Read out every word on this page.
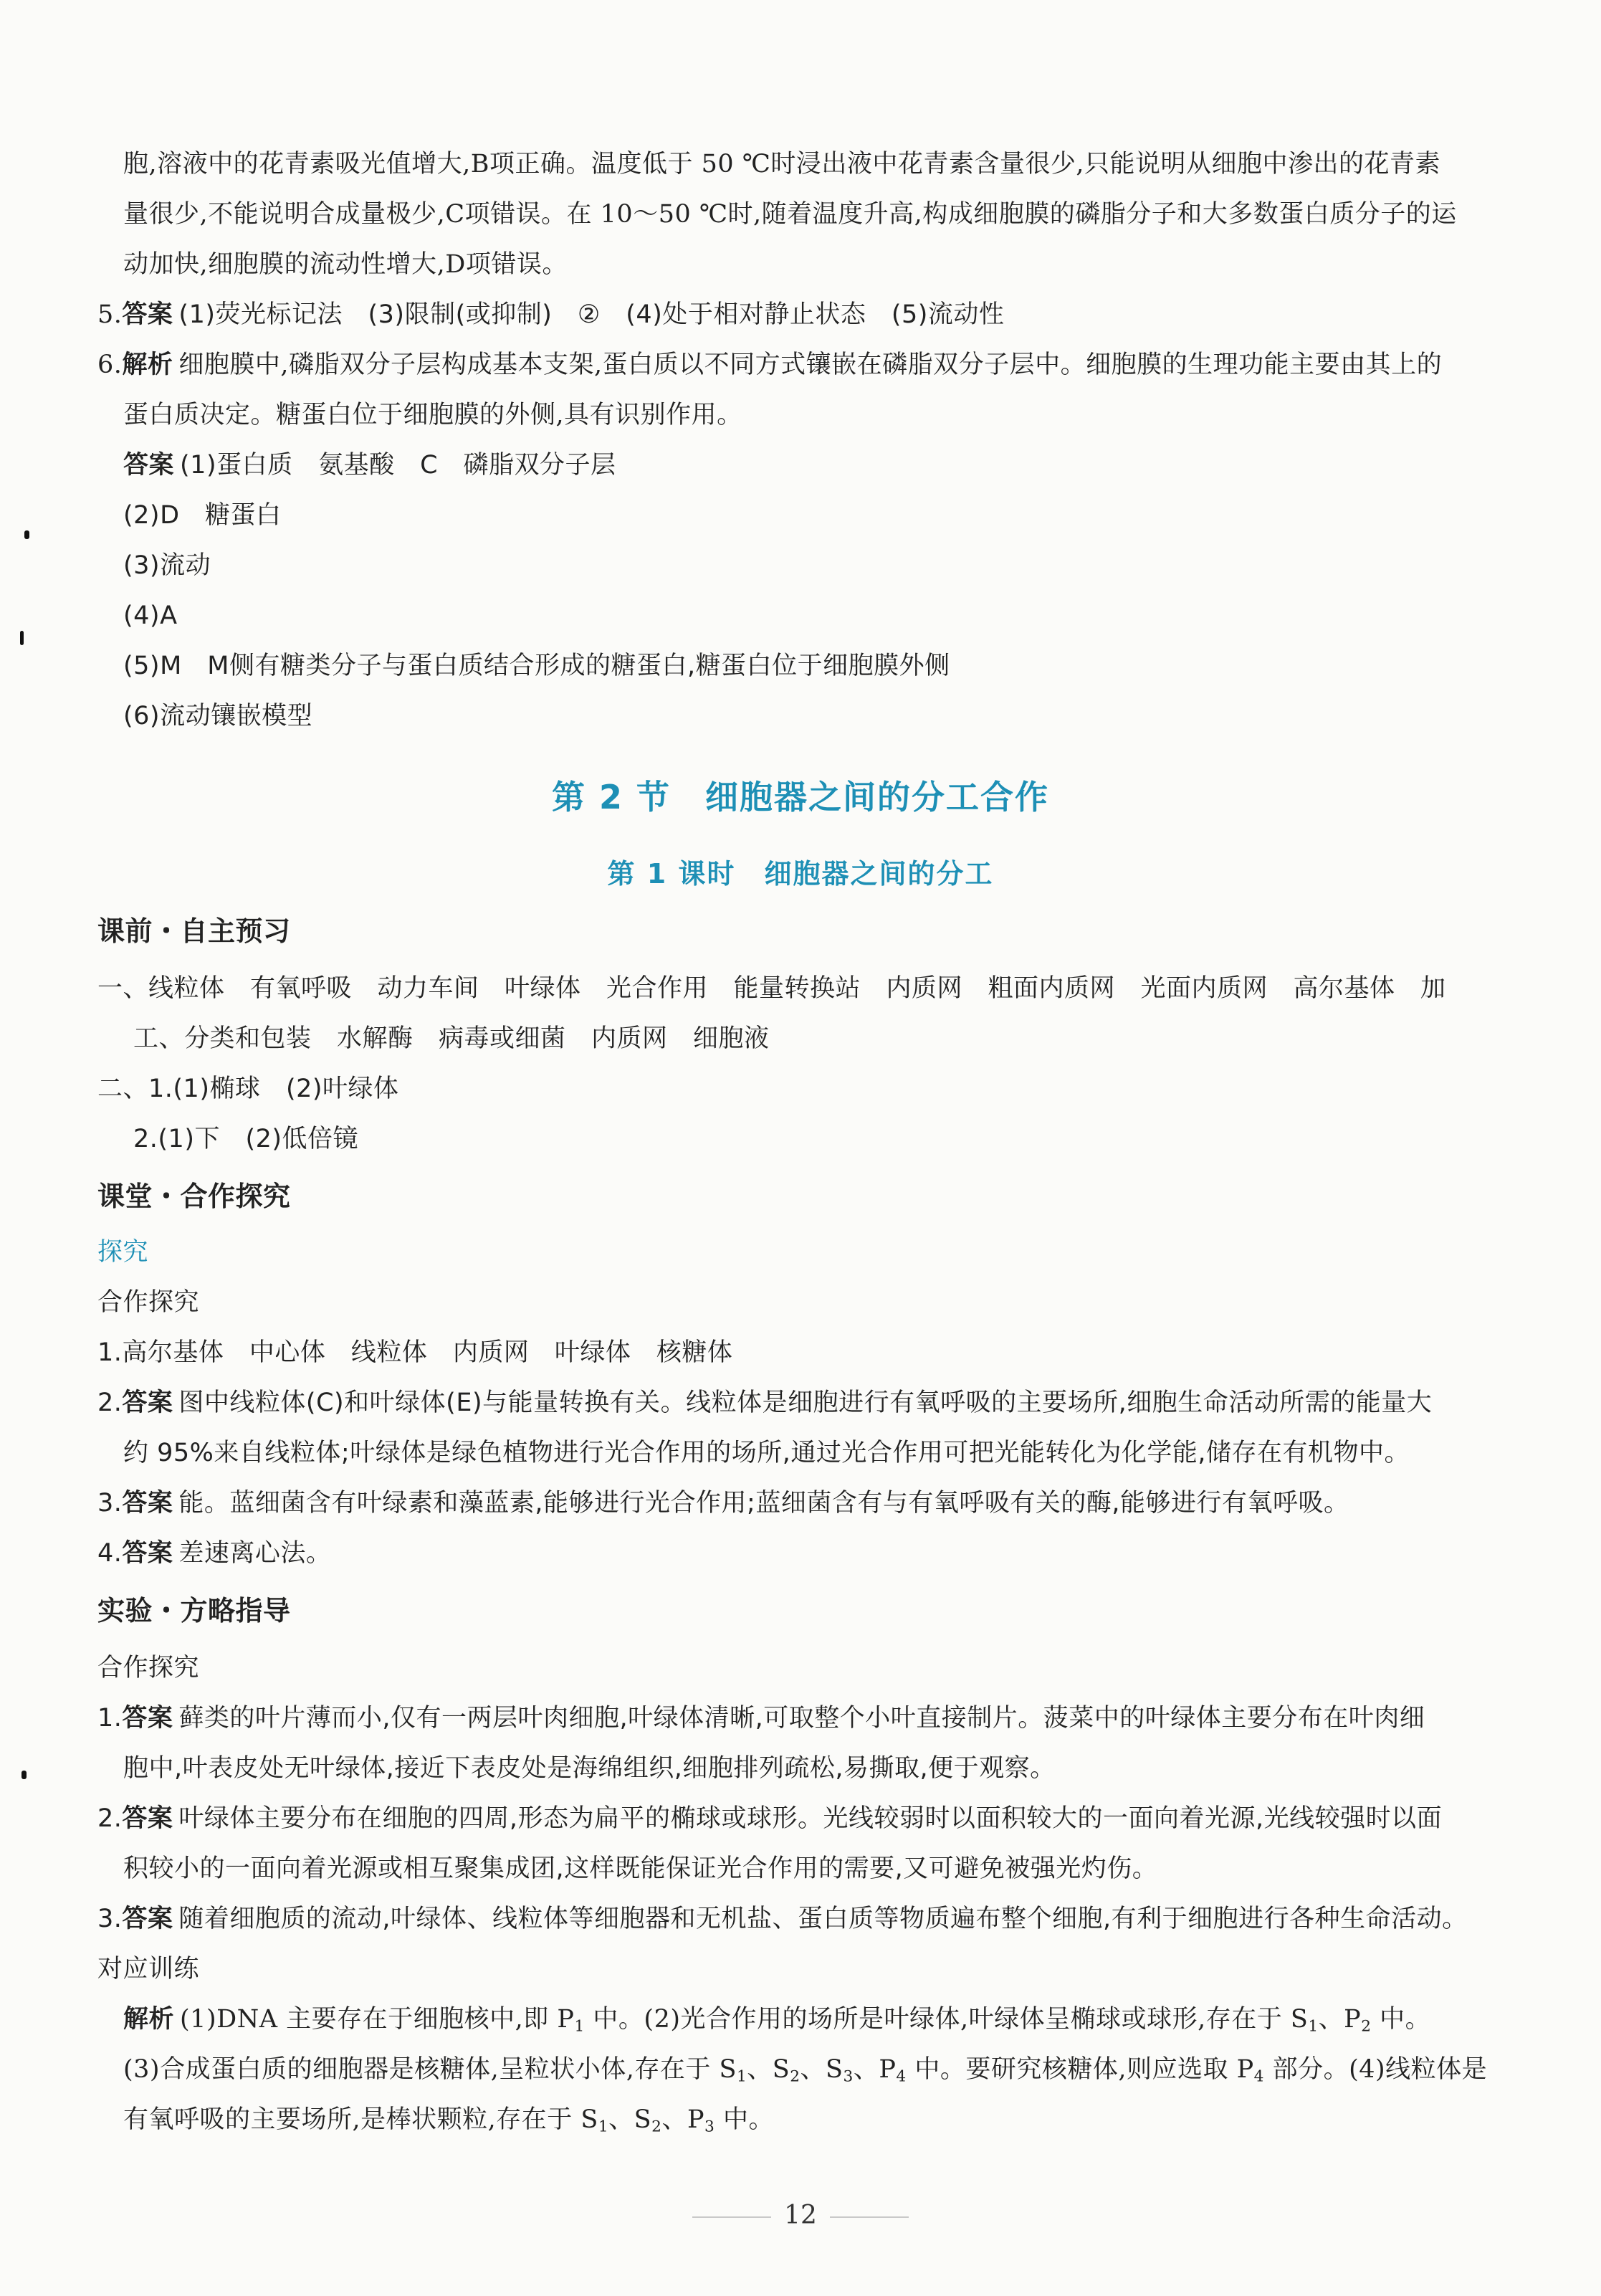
胞,溶液中的花青素吸光值增大,B项正确。温度低于 50 ℃时浸出液中花青素含量很少,只能说明从细胞中渗出的花青素
量很少,不能说明合成量极少,C项错误。在 10～50 ℃时,随着温度升高,构成细胞膜的磷脂分子和大多数蛋白质分子的运
动加快,细胞膜的流动性增大,D项错误。
5.答案 (1)荧光标记法　(3)限制(或抑制)　②　(4)处于相对静止状态　(5)流动性
6.解析 细胞膜中,磷脂双分子层构成基本支架,蛋白质以不同方式镶嵌在磷脂双分子层中。细胞膜的生理功能主要由其上的
蛋白质决定。糖蛋白位于细胞膜的外侧,具有识别作用。
答案 (1)蛋白质　氨基酸　C　磷脂双分子层
(2)D　糖蛋白
(3)流动
(4)A
(5)M　M侧有糖类分子与蛋白质结合形成的糖蛋白,糖蛋白位于细胞膜外侧
(6)流动镶嵌模型
第 2 节　细胞器之间的分工合作
第 1 课时　细胞器之间的分工
课前・自主预习
一、线粒体　有氧呼吸　动力车间　叶绿体　光合作用　能量转换站　内质网　粗面内质网　光面内质网　高尔基体　加
工、分类和包装　水解酶　病毒或细菌　内质网　细胞液
二、1.(1)椭球　(2)叶绿体
2.(1)下　(2)低倍镜
课堂・合作探究
探究
合作探究
1.高尔基体　中心体　线粒体　内质网　叶绿体　核糖体
2.答案 图中线粒体(C)和叶绿体(E)与能量转换有关。线粒体是细胞进行有氧呼吸的主要场所,细胞生命活动所需的能量大
约 95%来自线粒体;叶绿体是绿色植物进行光合作用的场所,通过光合作用可把光能转化为化学能,储存在有机物中。
3.答案 能。蓝细菌含有叶绿素和藻蓝素,能够进行光合作用;蓝细菌含有与有氧呼吸有关的酶,能够进行有氧呼吸。
4.答案 差速离心法。
实验・方略指导
合作探究
1.答案 藓类的叶片薄而小,仅有一两层叶肉细胞,叶绿体清晰,可取整个小叶直接制片。菠菜中的叶绿体主要分布在叶肉细
胞中,叶表皮处无叶绿体,接近下表皮处是海绵组织,细胞排列疏松,易撕取,便于观察。
2.答案 叶绿体主要分布在细胞的四周,形态为扁平的椭球或球形。光线较弱时以面积较大的一面向着光源,光线较强时以面
积较小的一面向着光源或相互聚集成团,这样既能保证光合作用的需要,又可避免被强光灼伤。
3.答案 随着细胞质的流动,叶绿体、线粒体等细胞器和无机盐、蛋白质等物质遍布整个细胞,有利于细胞进行各种生命活动。
对应训练
解析 (1)DNA 主要存在于细胞核中,即 $P_1$ 中。(2)光合作用的场所是叶绿体,叶绿体呈椭球或球形,存在于 $S_1$、$P_2$ 中。
(3)合成蛋白质的细胞器是核糖体,呈粒状小体,存在于 $S_1$、$S_2$、$S_3$、$P_4$ 中。要研究核糖体,则应选取 $P_4$ 部分。(4)线粒体是
有氧呼吸的主要场所,是棒状颗粒,存在于 $S_1$、$S_2$、$P_3$ 中。
12
